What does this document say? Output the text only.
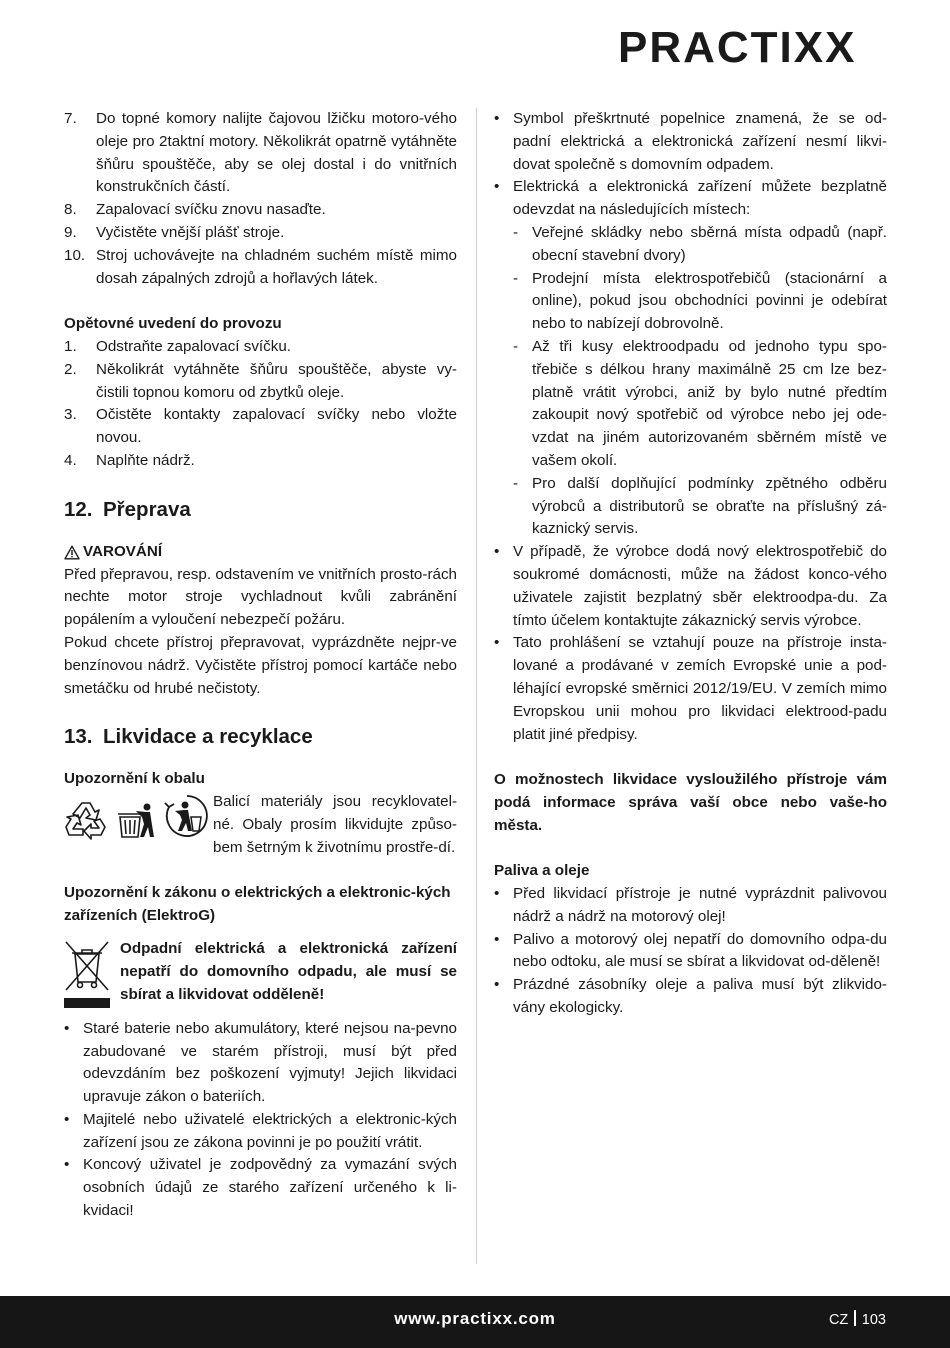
PRACTIXX
7.	Do topné komory nalijte čajovou lžičku motoro-vého oleje pro 2taktní motory. Několikrát opatrně vytáhněte šňůru spouštěče, aby se olej dostal i do vnitřních konstrukčních částí.
8.	Zapalovací svíčku znovu nasaďte.
9.	Vyčistěte vnější plášť stroje.
10. Stroj uchovávejte na chladném suchém místě mimo dosah zápalných zdrojů a hořlavých látek.
Opětovné uvedení do provozu
1.	Odstraňte zapalovací svíčku.
2.	Několikrát vytáhněte šňůru spouštěče, abyste vy-čistili topnou komoru od zbytků oleje.
3.	Očistěte kontakty zapalovací svíčky nebo vložte novou.
4.	Naplňte nádrž.
12. Přeprava
VAROVÁNÍ

Před přepravou, resp. odstavením ve vnitřních prosto-rách nechte motor stroje vychladnout kvůli zabránění popálením a vyloučení nebezpečí požáru.

Pokud chcete přístroj přepravovat, vyprázdněte nejpr-ve benzínovou nádrž. Vyčistěte přístroj pomocí kartáče nebo smetáčku od hrubé nečistoty.

13. Likvidace a recyklace
Upozornění k obalu

Balicí materiály jsou recyklovatel-né. Obaly prosím likvidujte způso-bem šetrným k životnímu prostře-dí.

Upozornění k zákonu o elektrických a elektronic-kých zařízeních (ElektroG)

Odpadní elektrická a elektronická zařízení nepatří do domovního odpadu, ale musí se sbírat a likvidovat odděleně!

• Staré baterie nebo akumulátory, které nejsou na-pevno zabudované ve starém přístroji, musí být před odevzdáním bez poškození vyjmuty! Jejich likvidaci upravuje zákon o bateriích.
• Majitelé nebo uživatelé elektrických a elektronic-kých zařízení jsou ze zákona povinni je po použití vrátit.
• Koncový uživatel je zodpovědný za vymazání svých osobních údajů ze starého zařízení určeného k li-kvidaci!
• Symbol přeškrtnuté popelnice znamená, že se od-padní elektrická a elektronická zařízení nesmí likvi-dovat společně s domovním odpadem.
• Elektrická a elektronická zařízení můžete bezplatně odevzdat na následujících místech:
- Veřejné skládky nebo sběrná místa odpadů (např. obecní stavební dvory)
- Prodejní místa elektrospotřebičů (stacionární a online), pokud jsou obchodníci povinni je odebírat nebo to nabízejí dobrovolně.
- Až tři kusy elektroodpadu od jednoho typu spo-třebiče s délkou hrany maximálně 25 cm lze bez-platně vrátit výrobci, aniž by bylo nutné předtím zakoupit nový spotřebič od výrobce nebo jej ode-vzdat na jiném autorizovaném sběrném místě ve vašem okolí.
- Pro další doplňující podmínky zpětného odběru výrobců a distributorů se obraťte na příslušný zá-kaznický servis.
• V případě, že výrobce dodá nový elektrospotřebič do soukromé domácnosti, může na žádost konco-vého uživatele zajistit bezplatný sběr elektroodpa-du. Za tímto účelem kontaktujte zákaznický servis výrobce.
• Tato prohlášení se vztahují pouze na přístroje insta-lované a prodávané v zemích Evropské unie a pod-léhající evropské směrnici 2012/19/EU. V zemích mimo Evropskou unii mohou pro likvidaci elektrood-padu platit jiné předpisy.

O možnostech likvidace vysloužilého přístroje vám podá informace správa vaší obce nebo vaše-ho města.

Paliva a oleje
• Před likvidací přístroje je nutné vyprázdnit palivovou nádrž a nádrž na motorový olej!
• Palivo a motorový olej nepatří do domovního odpa-du nebo odtoku, ale musí se sbírat a likvidovat od-děleně!
• Prázdné zásobníky oleje a paliva musí být zlikvido-vány ekologicky.
www.practixx.com	CZ 103
